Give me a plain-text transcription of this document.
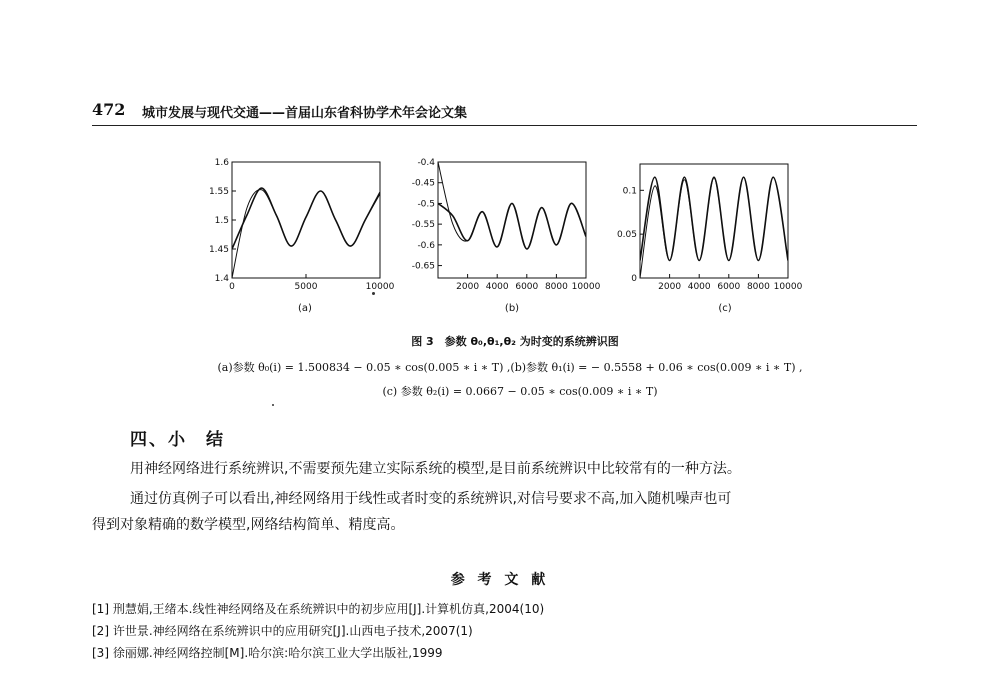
472 城市发展与现代交通——首届山东省科协学术年会论文集
1.4
1.45
1.5
1.55
1.6
0	5000	10000
(a)
-0.4
-0.45
-0.5
-0.55
-0.6
-0.65
2000 4000 6000 8000 10000
(b)
0
0.05
0.1
2000 4000 6000 8000 10000
(c)
图 3　参数 θ₀,θ₁,θ₂ 为时变的系统辨识图
(a)参数 θ₀(i) = 1.500834 − 0.05 ∗ cos(0.005 ∗ i ∗ T) ,(b)参数 θ₁(i) = − 0.5558 + 0.06 ∗ cos(0.009 ∗ i ∗ T) ,
(c) 参数 θ₂(i) = 0.0667 − 0.05 ∗ cos(0.009 ∗ i ∗ T)
四、小　结
用神经网络进行系统辨识,不需要预先建立实际系统的模型,是目前系统辨识中比较常有的一种方法。
通过仿真例子可以看出,神经网络用于线性或者时变的系统辨识,对信号要求不高,加入随机噪声也可
得到对象精确的数学模型,网络结构简单、精度高。
参 考 文 献
[1] 刑慧娟,王绪本.线性神经网络及在系统辨识中的初步应用[J].计算机仿真,2004(10)
[2] 许世景.神经网络在系统辨识中的应用研究[J].山西电子技术,2007(1)
[3] 徐丽娜.神经网络控制[M].哈尔滨:哈尔滨工业大学出版社,1999
